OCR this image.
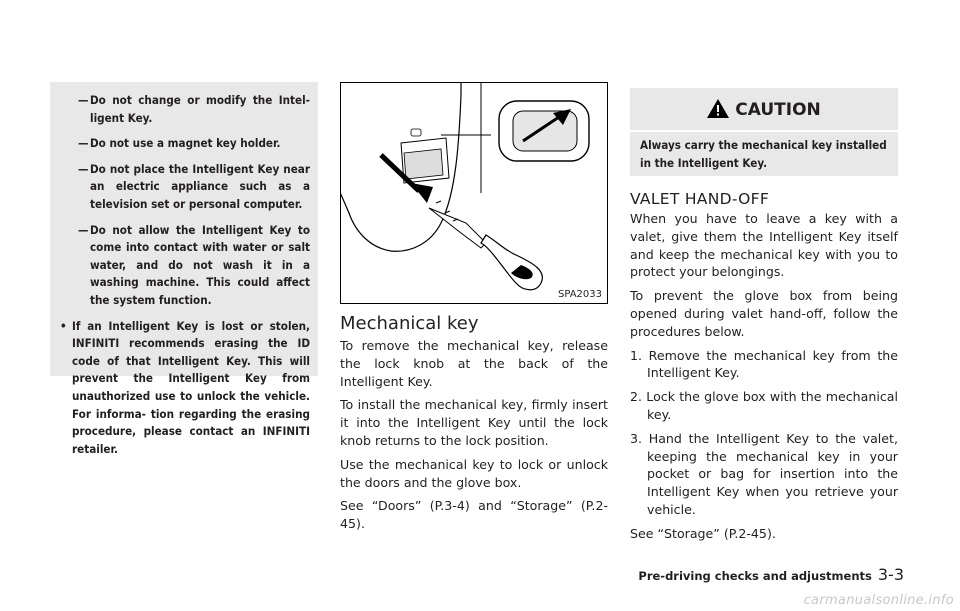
— Do not change or modify the Intel- ligent Key.
— Do not use a magnet key holder.
— Do not place the Intelligent Key near an electric appliance such as a television set or personal computer.
— Do not allow the Intelligent Key to come into contact with water or salt water, and do not wash it in a washing machine. This could affect the system function.
• If an Intelligent Key is lost or stolen, INFINITI recommends erasing the ID code of that Intelligent Key. This will prevent the Intelligent Key from unauthorized use to unlock the vehicle. For informa- tion regarding the erasing procedure, please contact an INFINITI retailer.
SPA2033
Mechanical key

To remove the mechanical key, release the lock knob at the back of the Intelligent Key.

To install the mechanical key, firmly insert it into the Intelligent Key until the lock knob returns to the lock position.

Use the mechanical key to lock or unlock the doors and the glove box.

See “Doors” (P.3-4) and “Storage” (P.2-45).

CAUTION
Always carry the mechanical key installed in the Intelligent Key.
VALET HAND-OFF

When you have to leave a key with a valet, give them the Intelligent Key itself and keep the mechanical key with you to protect your belongings.

To prevent the glove box from being opened during valet hand-off, follow the procedures below.

1. Remove the mechanical key from the Intelligent Key.

2. Lock the glove box with the mechanical key.

3. Hand the Intelligent Key to the valet, keeping the mechanical key in your pocket or bag for insertion into the Intelligent Key when you retrieve your vehicle.

See “Storage” (P.2-45).

Pre-driving checks and adjustments 3-3
carmanualsonline.info
